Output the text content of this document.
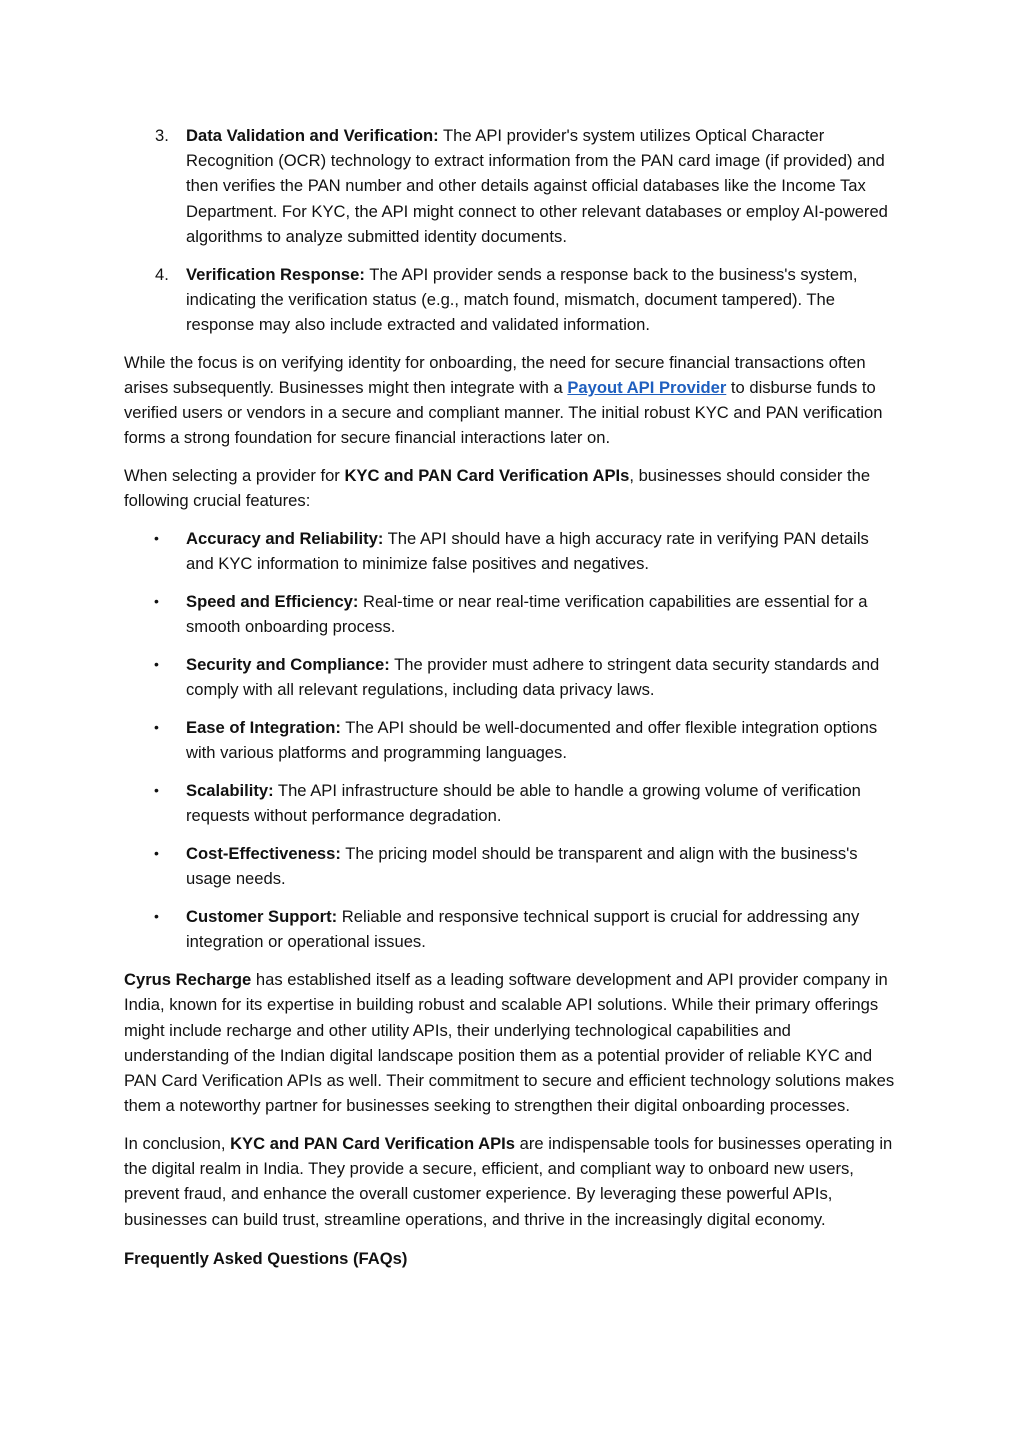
3. Data Validation and Verification: The API provider's system utilizes Optical Character Recognition (OCR) technology to extract information from the PAN card image (if provided) and then verifies the PAN number and other details against official databases like the Income Tax Department. For KYC, the API might connect to other relevant databases or employ AI-powered algorithms to analyze submitted identity documents.
4. Verification Response: The API provider sends a response back to the business's system, indicating the verification status (e.g., match found, mismatch, document tampered). The response may also include extracted and validated information.

While the focus is on verifying identity for onboarding, the need for secure financial transactions often arises subsequently. Businesses might then integrate with a Payout API Provider to disburse funds to verified users or vendors in a secure and compliant manner. The initial robust KYC and PAN verification forms a strong foundation for secure financial interactions later on.

When selecting a provider for KYC and PAN Card Verification APIs, businesses should consider the following crucial features:

• Accuracy and Reliability: The API should have a high accuracy rate in verifying PAN details and KYC information to minimize false positives and negatives.
• Speed and Efficiency: Real-time or near real-time verification capabilities are essential for a smooth onboarding process.
• Security and Compliance: The provider must adhere to stringent data security standards and comply with all relevant regulations, including data privacy laws.
• Ease of Integration: The API should be well-documented and offer flexible integration options with various platforms and programming languages.
• Scalability: The API infrastructure should be able to handle a growing volume of verification requests without performance degradation.
• Cost-Effectiveness: The pricing model should be transparent and align with the business's usage needs.
• Customer Support: Reliable and responsive technical support is crucial for addressing any integration or operational issues.

Cyrus Recharge has established itself as a leading software development and API provider company in India, known for its expertise in building robust and scalable API solutions. While their primary offerings might include recharge and other utility APIs, their underlying technological capabilities and understanding of the Indian digital landscape position them as a potential provider of reliable KYC and PAN Card Verification APIs as well. Their commitment to secure and efficient technology solutions makes them a noteworthy partner for businesses seeking to strengthen their digital onboarding processes.

In conclusion, KYC and PAN Card Verification APIs are indispensable tools for businesses operating in the digital realm in India. They provide a secure, efficient, and compliant way to onboard new users, prevent fraud, and enhance the overall customer experience. By leveraging these powerful APIs, businesses can build trust, streamline operations, and thrive in the increasingly digital economy.

Frequently Asked Questions (FAQs)
